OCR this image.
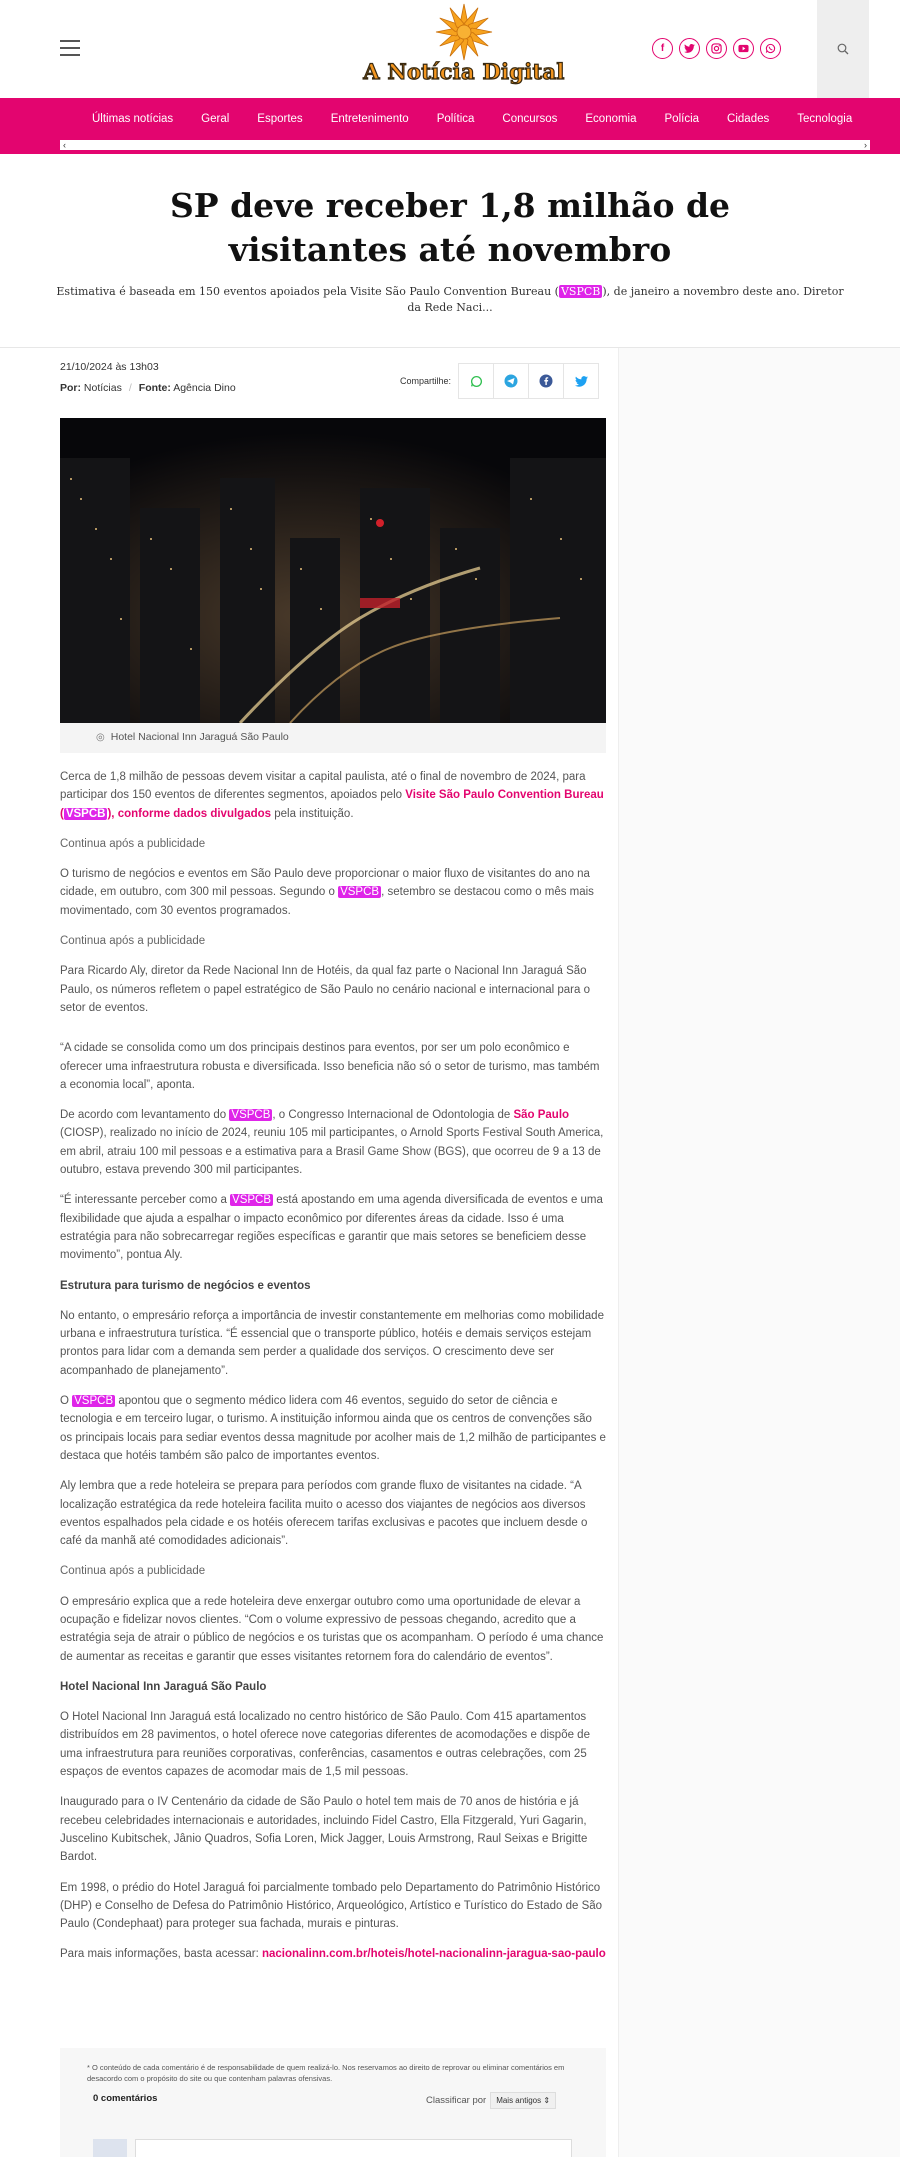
A Notícia Digital
f
Últimas notícias	Geral	Esportes	Entretenimento	Política	Concursos	Economia	Polícia	Cidades	Tecnologia
‹	›
SP deve receber 1,8 milhão de visitantes até novembro
Estimativa é baseada em 150 eventos apoiados pela Visite São Paulo Convention Bureau ( VSPCB ), de janeiro a novembro deste ano. Diretor da Rede Naci...
21/10/2024 às 13h03
Por: Notícias / Fonte: Agência Dino
Compartilhe:
◎ Hotel Nacional Inn Jaraguá São Paulo

Cerca de 1,8 milhão de pessoas devem visitar a capital paulista, até o final de novembro de 2024, para participar dos 150 eventos de diferentes segmentos, apoiados pelo Visite São Paulo Convention Bureau ( VSPCB ), conforme dados divulgados pela instituição.

Continua após a publicidade

O turismo de negócios e eventos em São Paulo deve proporcionar o maior fluxo de visitantes do ano na cidade, em outubro, com 300 mil pessoas. Segundo o VSPCB , setembro se destacou como o mês mais movimentado, com 30 eventos programados.

Continua após a publicidade

Para Ricardo Aly, diretor da Rede Nacional Inn de Hotéis, da qual faz parte o Nacional Inn Jaraguá São Paulo, os números refletem o papel estratégico de São Paulo no cenário nacional e internacional para o setor de eventos.

“A cidade se consolida como um dos principais destinos para eventos, por ser um polo econômico e oferecer uma infraestrutura robusta e diversificada. Isso beneficia não só o setor de turismo, mas também a economia local”, aponta.

De acordo com levantamento do VSPCB , o Congresso Internacional de Odontologia de São Paulo (CIOSP), realizado no início de 2024, reuniu 105 mil participantes, o Arnold Sports Festival South America, em abril, atraiu 100 mil pessoas e a estimativa para a Brasil Game Show (BGS), que ocorreu de 9 a 13 de outubro, estava prevendo 300 mil participantes.

“É interessante perceber como a VSPCB está apostando em uma agenda diversificada de eventos e uma flexibilidade que ajuda a espalhar o impacto econômico por diferentes áreas da cidade. Isso é uma estratégia para não sobrecarregar regiões específicas e garantir que mais setores se beneficiem desse movimento”, pontua Aly.

Estrutura para turismo de negócios e eventos

No entanto, o empresário reforça a importância de investir constantemente em melhorias como mobilidade urbana e infraestrutura turística. “É essencial que o transporte público, hotéis e demais serviços estejam prontos para lidar com a demanda sem perder a qualidade dos serviços. O crescimento deve ser acompanhado de planejamento”.

O VSPCB apontou que o segmento médico lidera com 46 eventos, seguido do setor de ciência e tecnologia e em terceiro lugar, o turismo. A instituição informou ainda que os centros de convenções são os principais locais para sediar eventos dessa magnitude por acolher mais de 1,2 milhão de participantes e destaca que hotéis também são palco de importantes eventos.

Aly lembra que a rede hoteleira se prepara para períodos com grande fluxo de visitantes na cidade. “A localização estratégica da rede hoteleira facilita muito o acesso dos viajantes de negócios aos diversos eventos espalhados pela cidade e os hotéis oferecem tarifas exclusivas e pacotes que incluem desde o café da manhã até comodidades adicionais”.

Continua após a publicidade

O empresário explica que a rede hoteleira deve enxergar outubro como uma oportunidade de elevar a ocupação e fidelizar novos clientes. “Com o volume expressivo de pessoas chegando, acredito que a estratégia seja de atrair o público de negócios e os turistas que os acompanham. O período é uma chance de aumentar as receitas e garantir que esses visitantes retornem fora do calendário de eventos”.

Hotel Nacional Inn Jaraguá São Paulo

O Hotel Nacional Inn Jaraguá está localizado no centro histórico de São Paulo. Com 415 apartamentos distribuídos em 28 pavimentos, o hotel oferece nove categorias diferentes de acomodações e dispõe de uma infraestrutura para reuniões corporativas, conferências, casamentos e outras celebrações, com 25 espaços de eventos capazes de acomodar mais de 1,5 mil pessoas.

Inaugurado para o IV Centenário da cidade de São Paulo o hotel tem mais de 70 anos de história e já recebeu celebridades internacionais e autoridades, incluindo Fidel Castro, Ella Fitzgerald, Yuri Gagarin, Juscelino Kubitschek, Jânio Quadros, Sofia Loren, Mick Jagger, Louis Armstrong, Raul Seixas e Brigitte Bardot.

Em 1998, o prédio do Hotel Jaraguá foi parcialmente tombado pelo Departamento do Patrimônio Histórico (DHP) e Conselho de Defesa do Patrimônio Histórico, Arqueológico, Artístico e Turístico do Estado de São Paulo (Condephaat) para proteger sua fachada, murais e pinturas.

Para mais informações, basta acessar: nacionalinn.com.br/hoteis/hotel-nacionalinn-jaragua-sao-paulo

* O conteúdo de cada comentário é de responsabilidade de quem realizá-lo. Nos reservamos ao direito de reprovar ou eliminar comentários em desacordo com o propósito do site ou que contenham palavras ofensivas.
0 comentários	Classificar por	Mais antigos ⇕
